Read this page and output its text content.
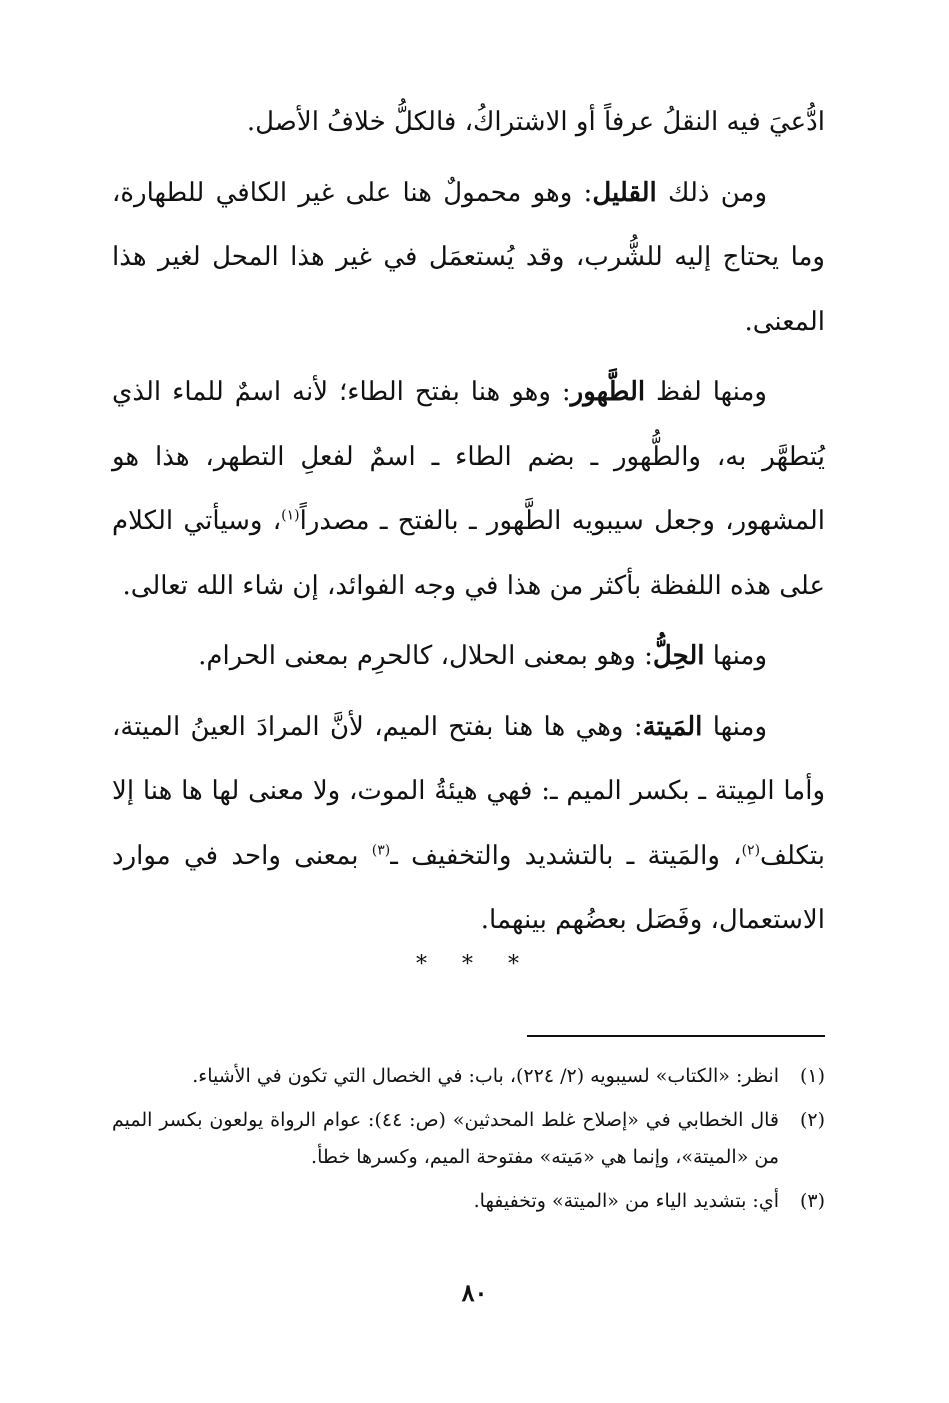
ادُّعيَ فيه النقلُ عرفاً أو الاشتراكُ، فالكلُّ خلافُ الأصل.

ومن ذلك القليل: وهو محمولٌ هنا على غير الكافي للطهارة، وما يحتاج إليه للشُّرب، وقد يُستعمَل في غير هذا المحل لغير هذا المعنى.

ومنها لفظ الطَّهور: وهو هنا بفتح الطاء؛ لأنه اسمٌ للماء الذي يُتطهَّر به، والطُّهور ـ بضم الطاء ـ اسمٌ لفعلِ التطهر، هذا هو المشهور، وجعل سيبويه الطَّهور ـ بالفتح ـ مصدراً$^{(١)}$، وسيأتي الكلام على هذه اللفظة بأكثر من هذا في وجه الفوائد، إن شاء الله تعالى.

ومنها الحِلُّ: وهو بمعنى الحلال، كالحرِم بمعنى الحرام.

ومنها المَيتة: وهي ها هنا بفتح الميم، لأنَّ المرادَ العينُ الميتة، وأما المِيتة ـ بكسر الميم ـ: فهي هيئةُ الموت، ولا معنى لها ها هنا إلا بتكلف$^{(٢)}$، والمَيتة ـ بالتشديد والتخفيف ـ$^{(٣)}$ بمعنى واحد في موارد الاستعمال، وفَصَل بعضُهم بينهما.

* * *
(١)
انظر: «الكتاب» لسيبويه (٢/ ٢٢٤)، باب: في الخصال التي تكون في الأشياء.
(٢)
قال الخطابي في «إصلاح غلط المحدثين» (ص: ٤٤): عوام الرواة يولعون بكسر الميم من «الميتة»، وإنما هي «مَيته» مفتوحة الميم، وكسرها خطأ.
(٣)
أي: بتشديد الياء من «الميتة» وتخفيفها.
٨٠
